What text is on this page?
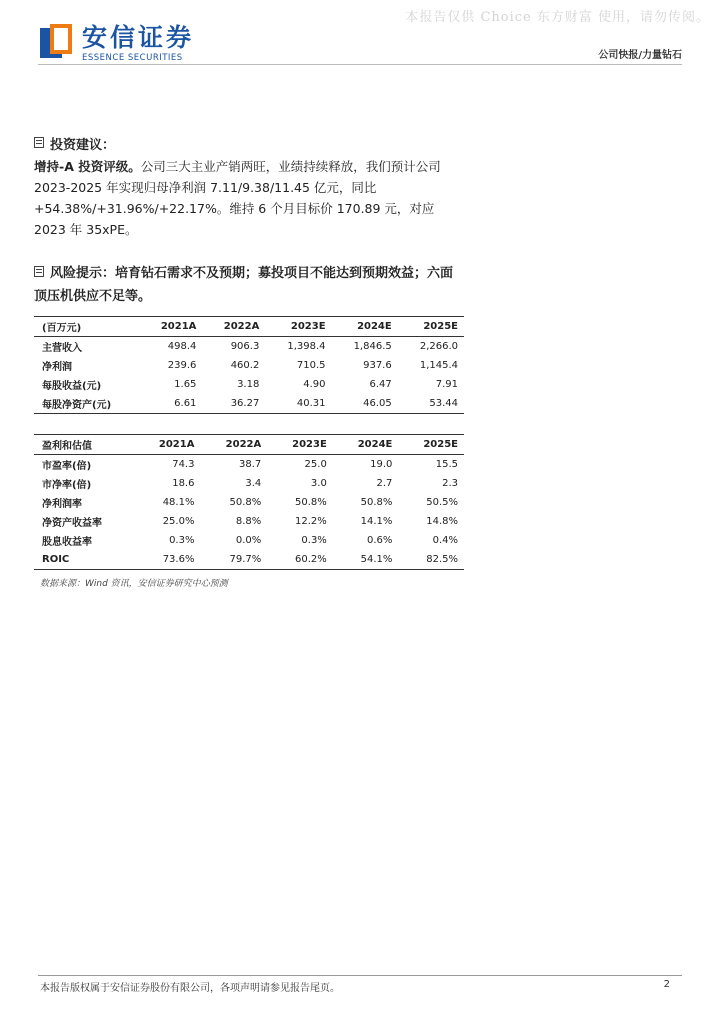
本报告仅供 Choice 东方财富 使用，请勿传阅。
安信证券
ESSENCE SECURITIES	公司快报/力量钻石
投资建议：
增持-A 投资评级。公司三大主业产销两旺，业绩持续释放，我们预计公司 2023-2025 年实现归母净利润 7.11/9.38/11.45 亿元，同比+54.38%/+31.96%/+22.17%。维持 6 个月目标价 170.89 元，对应 2023 年 35xPE。
风险提示：培育钻石需求不及预期；募投项目不能达到预期效益；六面顶压机供应不足等。
(百万元)	2021A	2022A	2023E	2024E	2025E
主营收入	498.4	906.3	1,398.4	1,846.5	2,266.0
净利润	239.6	460.2	710.5	937.6	1,145.4
每股收益(元)	1.65	3.18	4.90	6.47	7.91
每股净资产(元)	6.61	36.27	40.31	46.05	53.44
盈利和估值	2021A	2022A	2023E	2024E	2025E
市盈率(倍)	74.3	38.7	25.0	19.0	15.5
市净率(倍)	18.6	3.4	3.0	2.7	2.3
净利润率	48.1%	50.8%	50.8%	50.8%	50.5%
净资产收益率	25.0%	8.8%	12.2%	14.1%	14.8%
股息收益率	0.3%	0.0%	0.3%	0.6%	0.4%
ROIC	73.6%	79.7%	60.2%	54.1%	82.5%
数据来源：Wind 资讯，安信证券研究中心预测
本报告版权属于安信证券股份有限公司，各项声明请参见报告尾页。	2
